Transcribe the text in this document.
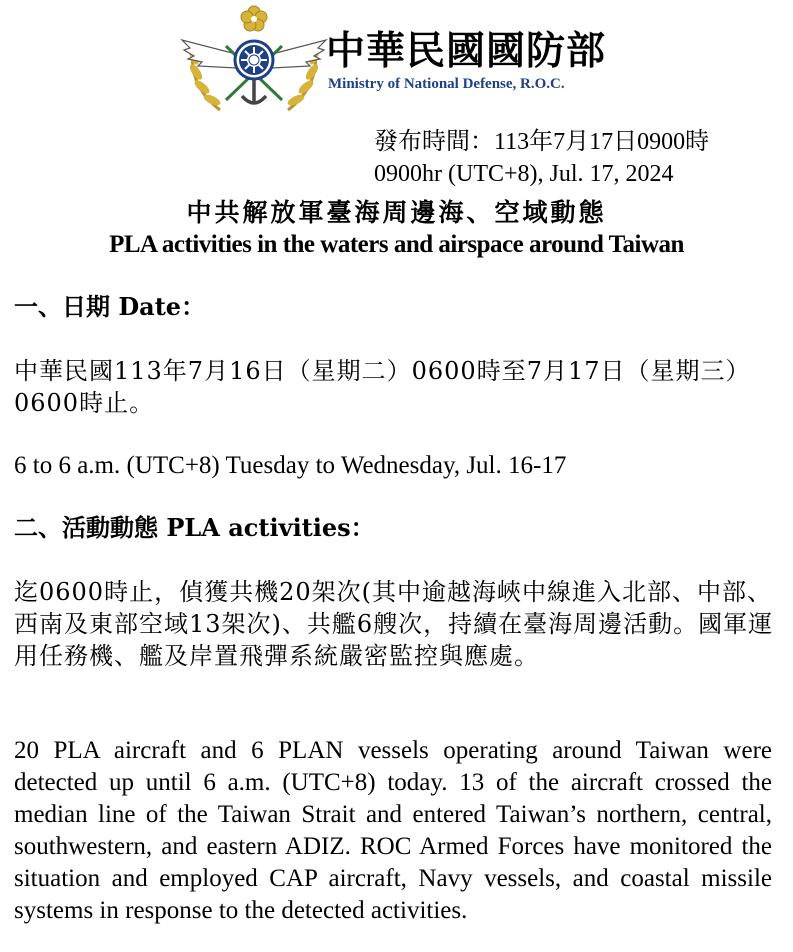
中華民國國防部
Ministry of National Defense, R.O.C.
發布時間：113年7月17日0900時
0900hr (UTC+8), Jul. 17, 2024
中共解放軍臺海周邊海、空域動態
PLA activities in the waters and airspace around Taiwan
一、日期 Date：
中華民國113年7月16日（星期二）0600時至7月17日（星期三）0600時止。
6 to 6 a.m. (UTC+8) Tuesday to Wednesday, Jul. 16-17
二、活動動態 PLA activities：
迄0600時止，偵獲共機20架次(其中逾越海峽中線進入北部、中部、西南及東部空域13架次)、共艦6艘次，持續在臺海周邊活動。國軍運用任務機、艦及岸置飛彈系統嚴密監控與應處。
20 PLA aircraft and 6 PLAN vessels operating around Taiwan were detected up until 6 a.m. (UTC+8) today. 13 of the aircraft crossed the median line of the Taiwan Strait and entered Taiwan’s northern, central, southwestern, and eastern ADIZ. ROC Armed Forces have monitored the situation and employed CAP aircraft, Navy vessels, and coastal missile systems in response to the detected activities.
